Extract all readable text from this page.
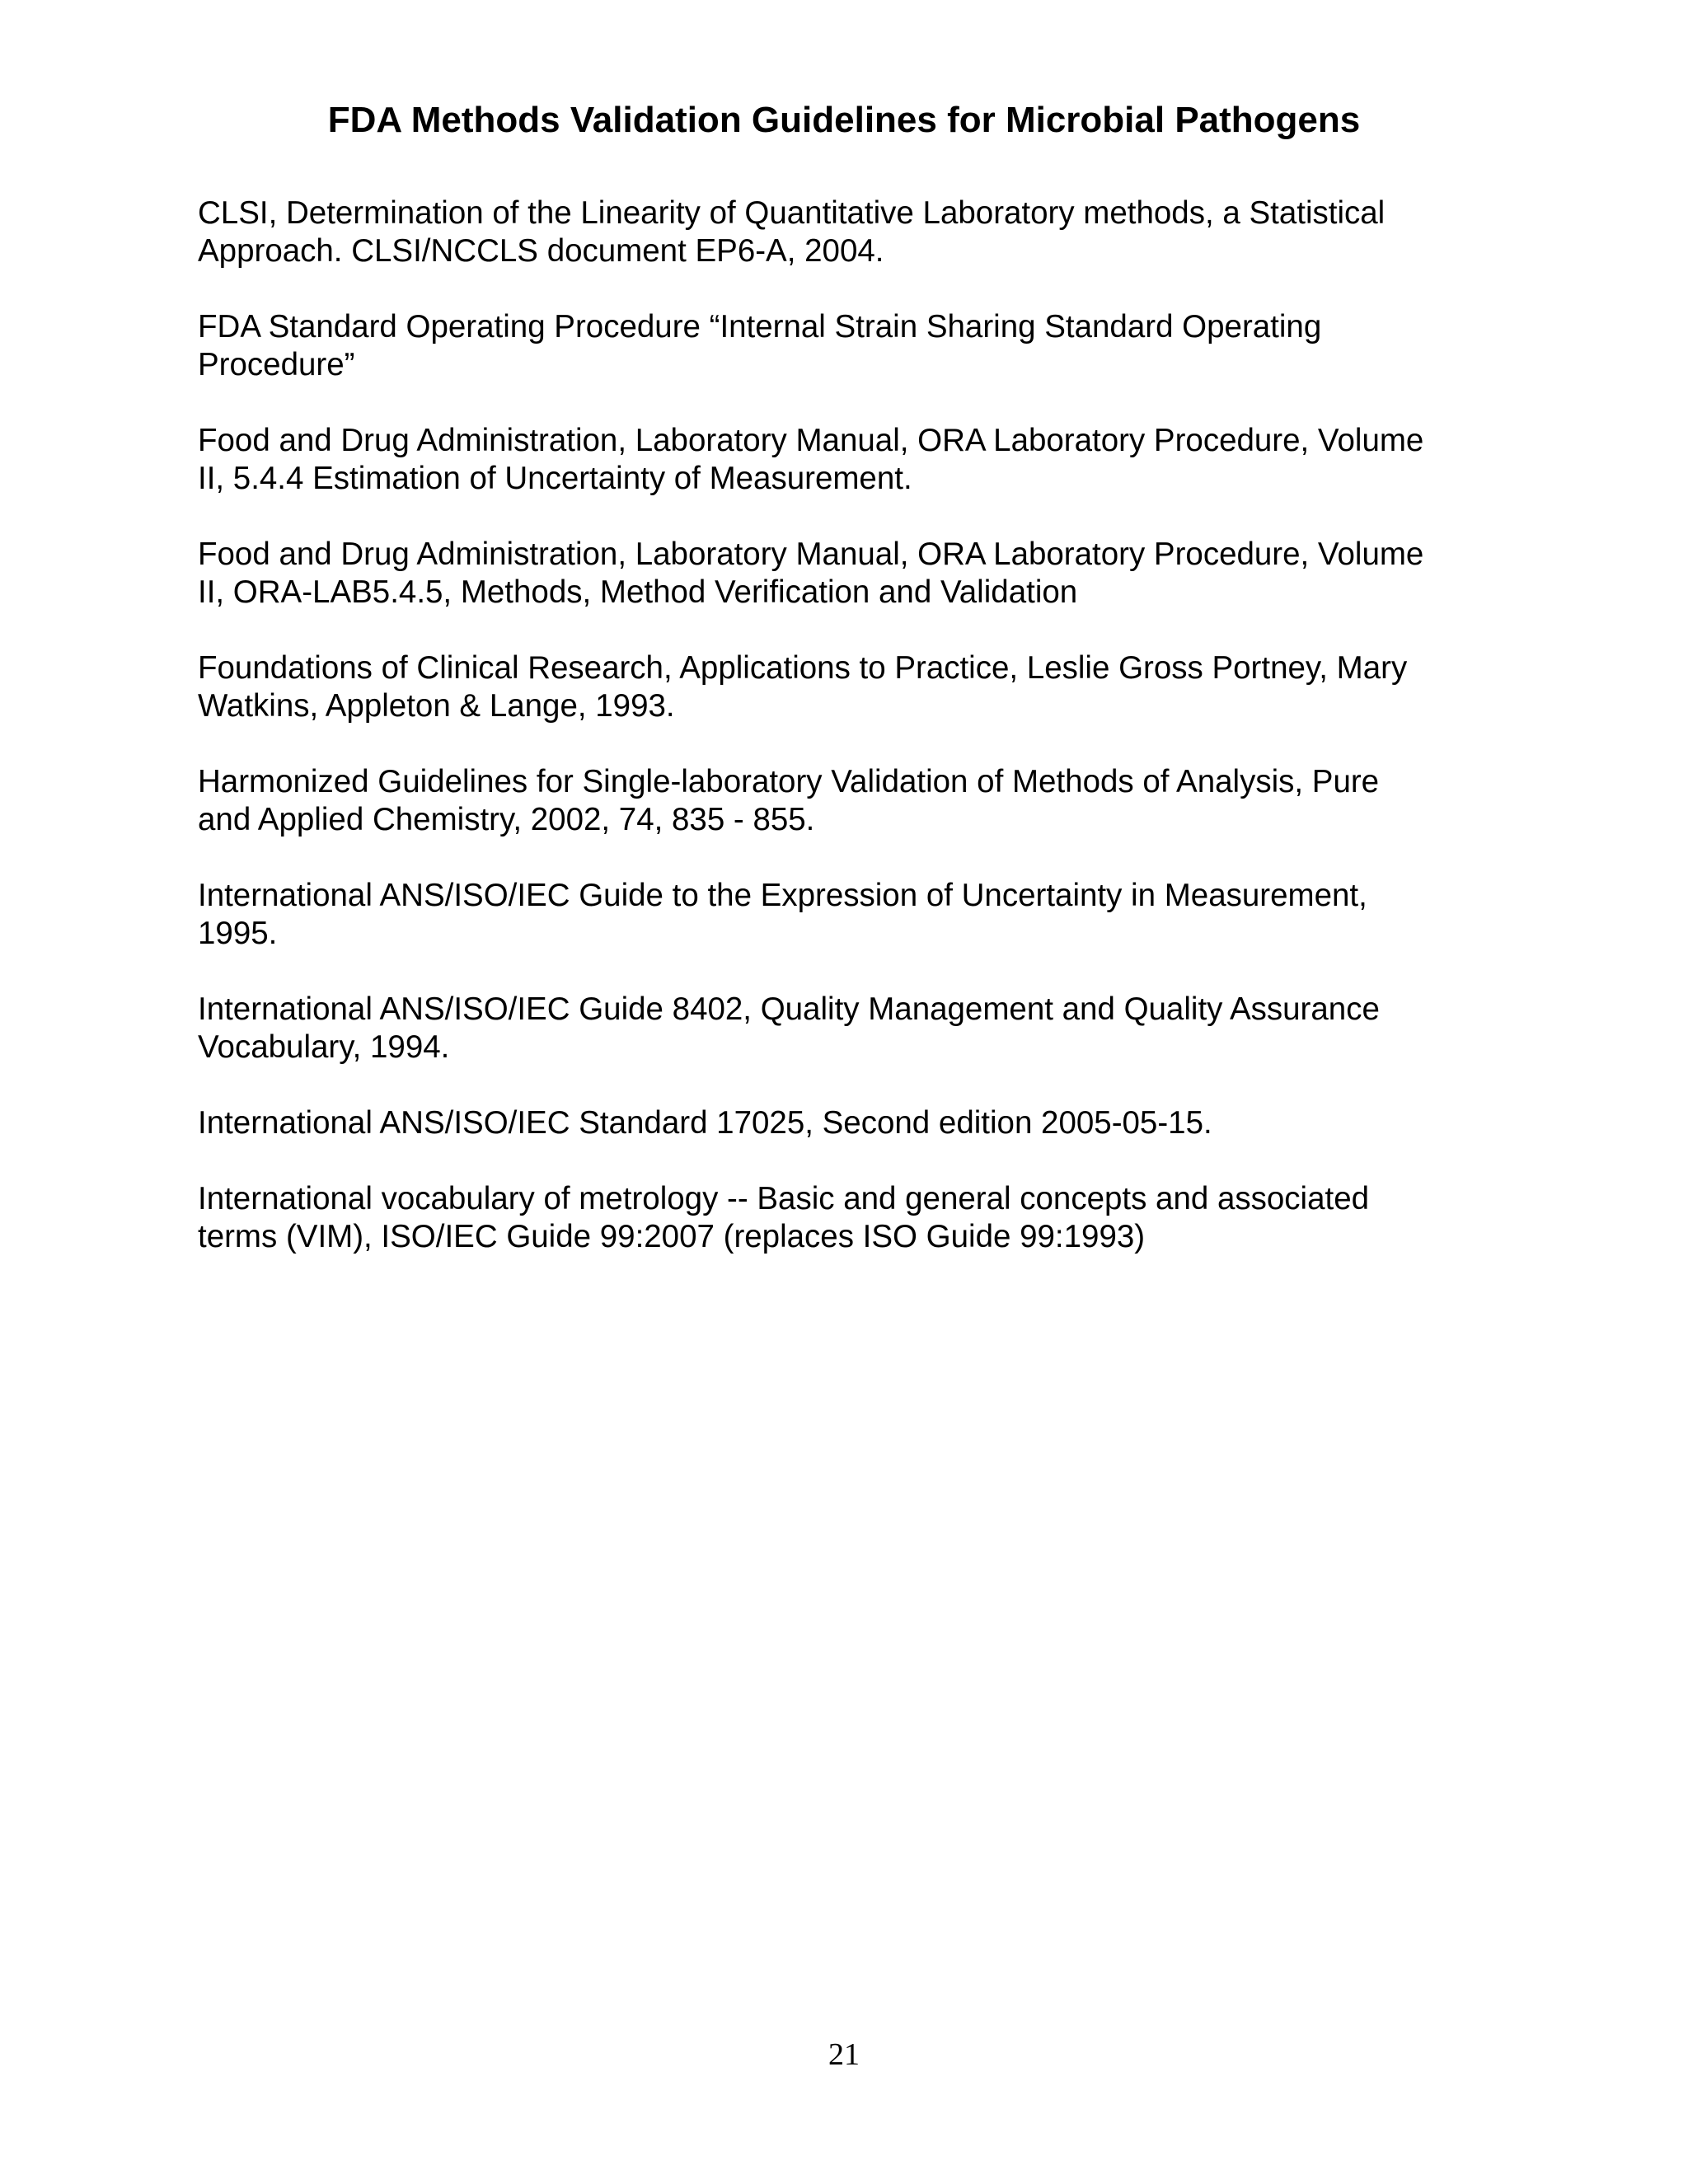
FDA Methods Validation Guidelines for Microbial Pathogens
CLSI, Determination of the Linearity of Quantitative Laboratory methods, a Statistical
Approach. CLSI/NCCLS document EP6-A, 2004.
FDA Standard Operating Procedure “Internal Strain Sharing Standard Operating
Procedure”
Food and Drug Administration, Laboratory Manual, ORA Laboratory Procedure, Volume
II, 5.4.4 Estimation of Uncertainty of Measurement.
Food and Drug Administration, Laboratory Manual, ORA Laboratory Procedure, Volume
II, ORA-LAB5.4.5, Methods, Method Verification and Validation
Foundations of Clinical Research, Applications to Practice, Leslie Gross Portney, Mary
Watkins, Appleton & Lange, 1993.
Harmonized Guidelines for Single-laboratory Validation of Methods of Analysis, Pure
and Applied Chemistry, 2002, 74, 835 - 855.
International ANS/ISO/IEC Guide to the Expression of Uncertainty in Measurement,
1995.
International ANS/ISO/IEC Guide 8402, Quality Management and Quality Assurance
Vocabulary, 1994.
International ANS/ISO/IEC Standard 17025, Second edition 2005-05-15.
International vocabulary of metrology -- Basic and general concepts and associated
terms (VIM), ISO/IEC Guide 99:2007 (replaces ISO Guide 99:1993)
21
